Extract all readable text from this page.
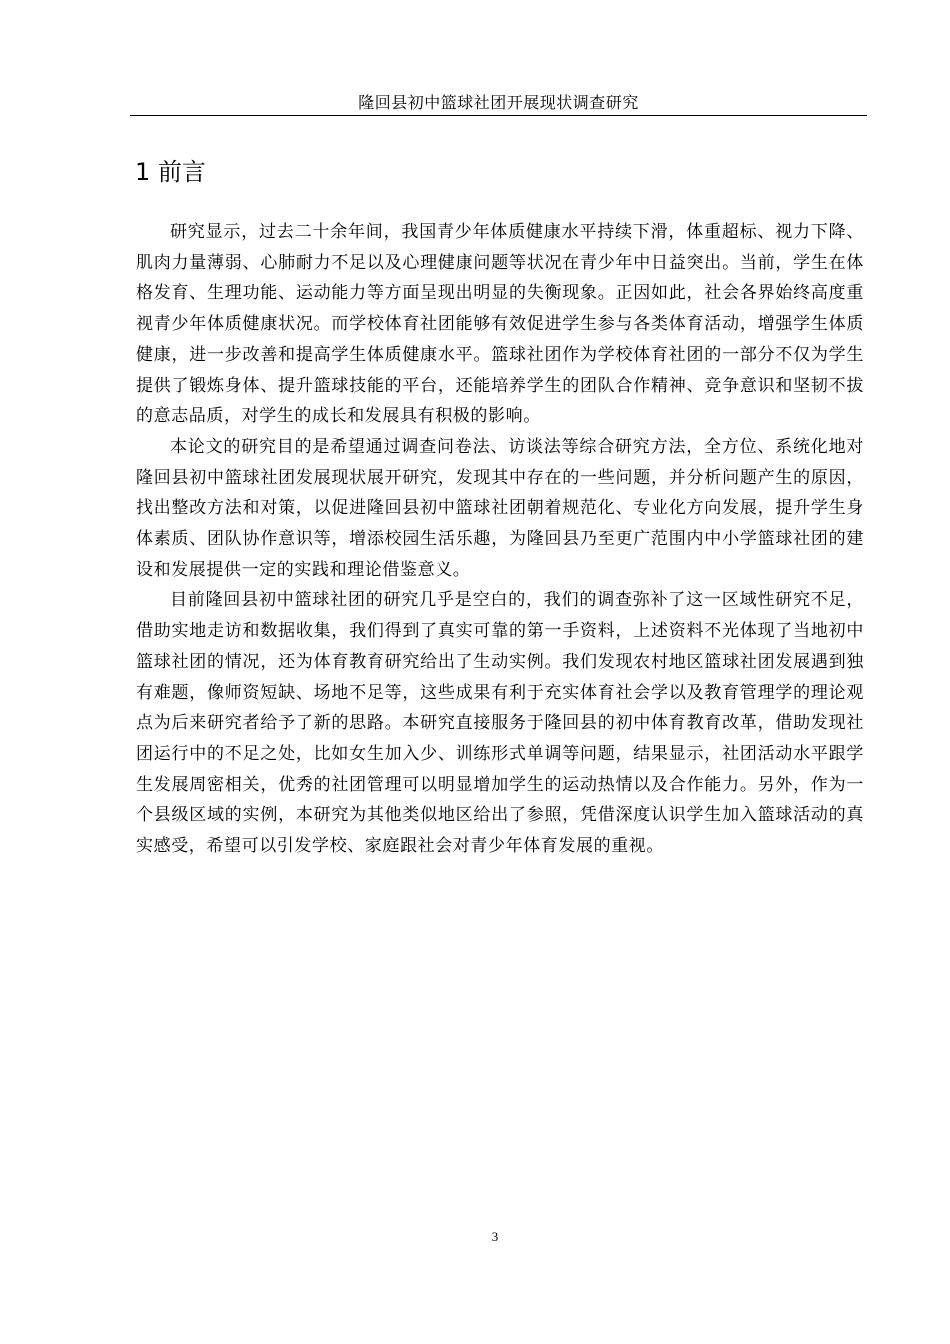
隆回县初中篮球社团开展现状调查研究
1 前言

研究显示，过去二十余年间，我国青少年体质健康水平持续下滑，体重超标、视力下降、肌肉力量薄弱、心肺耐力不足以及心理健康问题等状况在青少年中日益突出。当前，学生在体格发育、生理功能、运动能力等方面呈现出明显的失衡现象。正因如此，社会各界始终高度重视青少年体质健康状况。而学校体育社团能够有效促进学生参与各类体育活动，增强学生体质健康，进一步改善和提高学生体质健康水平。篮球社团作为学校体育社团的一部分不仅为学生提供了锻炼身体、提升篮球技能的平台，还能培养学生的团队合作精神、竞争意识和坚韧不拔的意志品质，对学生的成长和发展具有积极的影响。

本论文的研究目的是希望通过调查问卷法、访谈法等综合研究方法，全方位、系统化地对隆回县初中篮球社团发展现状展开研究，发现其中存在的一些问题，并分析问题产生的原因，找出整改方法和对策，以促进隆回县初中篮球社团朝着规范化、专业化方向发展，提升学生身体素质、团队协作意识等，增添校园生活乐趣，为隆回县乃至更广范围内中小学篮球社团的建设和发展提供一定的实践和理论借鉴意义。

目前隆回县初中篮球社团的研究几乎是空白的，我们的调查弥补了这一区域性研究不足，借助实地走访和数据收集，我们得到了真实可靠的第一手资料，上述资料不光体现了当地初中篮球社团的情况，还为体育教育研究给出了生动实例。我们发现农村地区篮球社团发展遇到独有难题，像师资短缺、场地不足等，这些成果有利于充实体育社会学以及教育管理学的理论观点为后来研究者给予了新的思路。本研究直接服务于隆回县的初中体育教育改革，借助发现社团运行中的不足之处，比如女生加入少、训练形式单调等问题，结果显示，社团活动水平跟学生发展周密相关，优秀的社团管理可以明显增加学生的运动热情以及合作能力。另外，作为一个县级区域的实例，本研究为其他类似地区给出了参照，凭借深度认识学生加入篮球活动的真实感受，希望可以引发学校、家庭跟社会对青少年体育发展的重视。

3
